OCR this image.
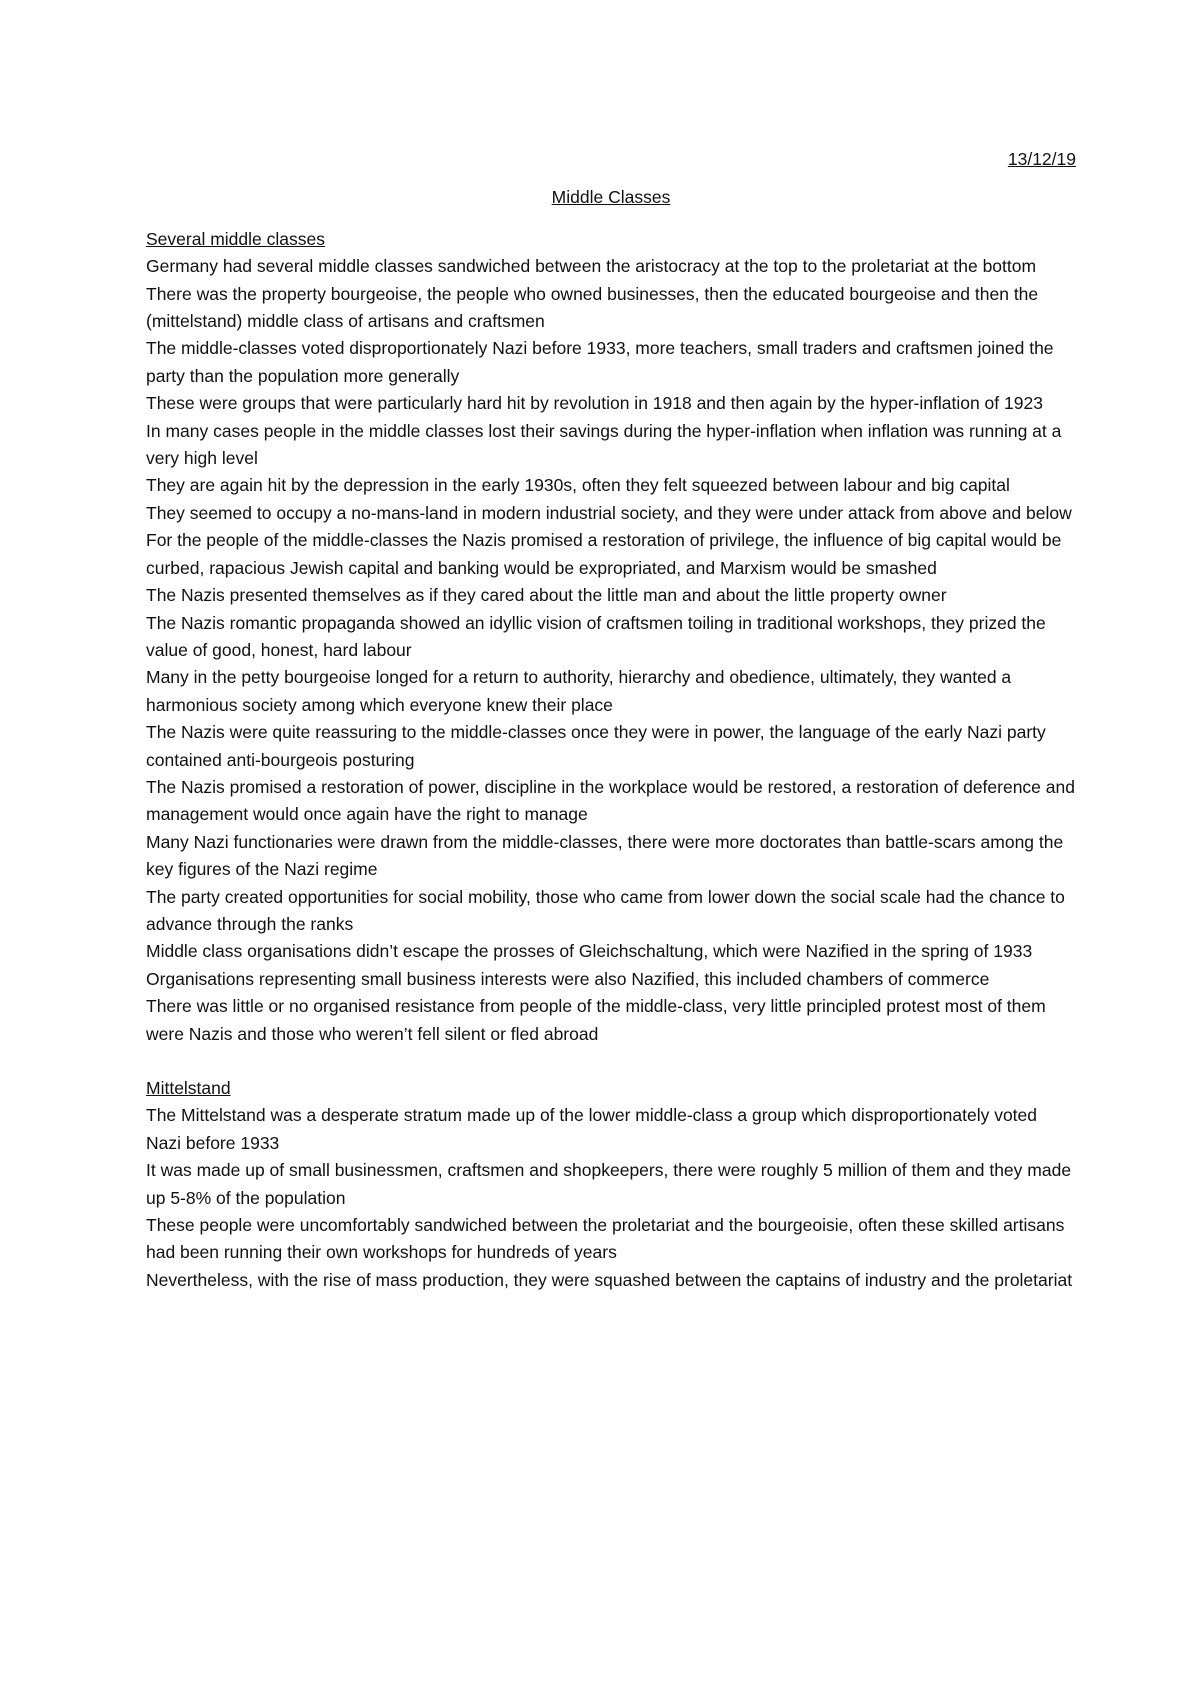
13/12/19

Middle Classes

Several middle classes

Germany had several middle classes sandwiched between the aristocracy at the top to the proletariat at the bottom

There was the property bourgeoise, the people who owned businesses, then the educated bourgeoise and then the (mittelstand) middle class of artisans and craftsmen

The middle-classes voted disproportionately Nazi before 1933, more teachers, small traders and craftsmen joined the party than the population more generally

These were groups that were particularly hard hit by revolution in 1918 and then again by the hyper-inflation of 1923

In many cases people in the middle classes lost their savings during the hyper-inflation when inflation was running at a very high level

They are again hit by the depression in the early 1930s, often they felt squeezed between labour and big capital

They seemed to occupy a no-mans-land in modern industrial society, and they were under attack from above and below

For the people of the middle-classes the Nazis promised a restoration of privilege, the influence of big capital would be curbed, rapacious Jewish capital and banking would be expropriated, and Marxism would be smashed

The Nazis presented themselves as if they cared about the little man and about the little property owner

The Nazis romantic propaganda showed an idyllic vision of craftsmen toiling in traditional workshops, they prized the value of good, honest, hard labour

Many in the petty bourgeoise longed for a return to authority, hierarchy and obedience, ultimately, they wanted a harmonious society among which everyone knew their place

The Nazis were quite reassuring to the middle-classes once they were in power, the language of the early Nazi party contained anti-bourgeois posturing

The Nazis promised a restoration of power, discipline in the workplace would be restored, a restoration of deference and management would once again have the right to manage

Many Nazi functionaries were drawn from the middle-classes, there were more doctorates than battle-scars among the key figures of the Nazi regime

The party created opportunities for social mobility, those who came from lower down the social scale had the chance to advance through the ranks

Middle class organisations didn’t escape the prosses of Gleichschaltung, which were Nazified in the spring of 1933

Organisations representing small business interests were also Nazified, this included chambers of commerce

There was little or no organised resistance from people of the middle-class, very little principled protest most of them were Nazis and those who weren’t fell silent or fled abroad

Mittelstand

The Mittelstand was a desperate stratum made up of the lower middle-class a group which disproportionately voted Nazi before 1933

It was made up of small businessmen, craftsmen and shopkeepers, there were roughly 5 million of them and they made up 5-8% of the population

These people were uncomfortably sandwiched between the proletariat and the bourgeoisie, often these skilled artisans had been running their own workshops for hundreds of years

Nevertheless, with the rise of mass production, they were squashed between the captains of industry and the proletariat
